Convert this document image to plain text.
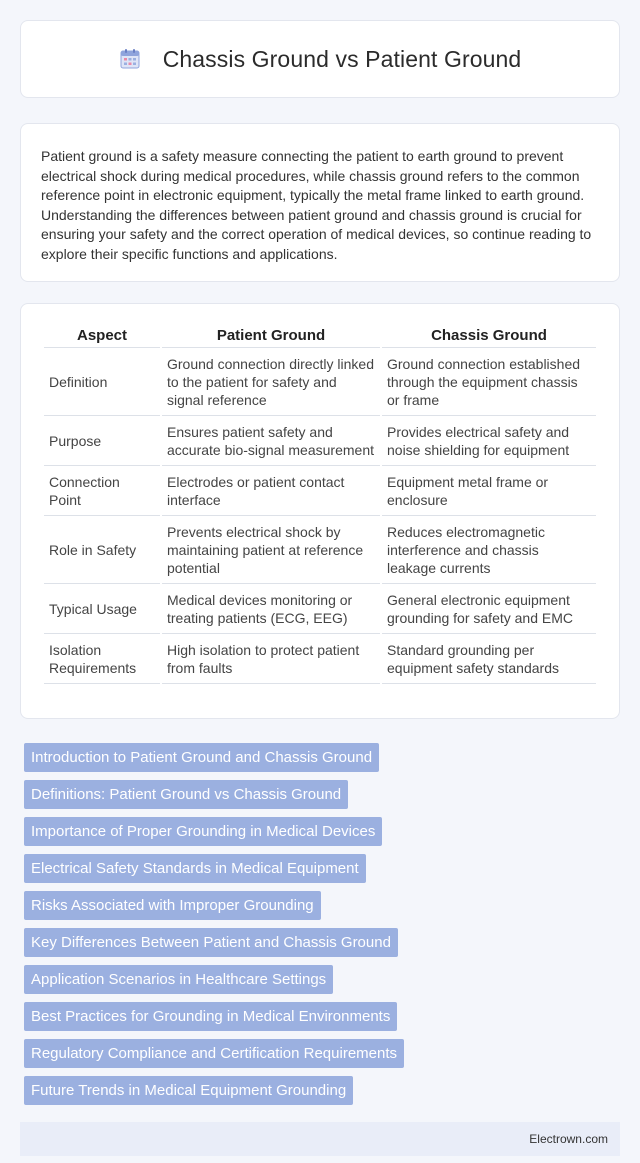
Chassis Ground vs Patient Ground

Patient ground is a safety measure connecting the patient to earth ground to prevent electrical shock during medical procedures, while chassis ground refers to the common reference point in electronic equipment, typically the metal frame linked to earth ground. Understanding the differences between patient ground and chassis ground is crucial for ensuring your safety and the correct operation of medical devices, so continue reading to explore their specific functions and applications.

Aspect	Patient Ground	Chassis Ground
Definition	Ground connection directly linked to the patient for safety and signal reference	Ground connection established through the equipment chassis or frame
Purpose	Ensures patient safety and accurate bio-signal measurement	Provides electrical safety and noise shielding for equipment
Connection Point	Electrodes or patient contact interface	Equipment metal frame or enclosure
Role in Safety	Prevents electrical shock by maintaining patient at reference potential	Reduces electromagnetic interference and chassis leakage currents
Typical Usage	Medical devices monitoring or treating patients (ECG, EEG)	General electronic equipment grounding for safety and EMC
Isolation Requirements	High isolation to protect patient from faults	Standard grounding per equipment safety standards
Introduction to Patient Ground and Chassis Ground
Definitions: Patient Ground vs Chassis Ground
Importance of Proper Grounding in Medical Devices
Electrical Safety Standards in Medical Equipment
Risks Associated with Improper Grounding
Key Differences Between Patient and Chassis Ground
Application Scenarios in Healthcare Settings
Best Practices for Grounding in Medical Environments
Regulatory Compliance and Certification Requirements
Future Trends in Medical Equipment Grounding
Electrown.com
